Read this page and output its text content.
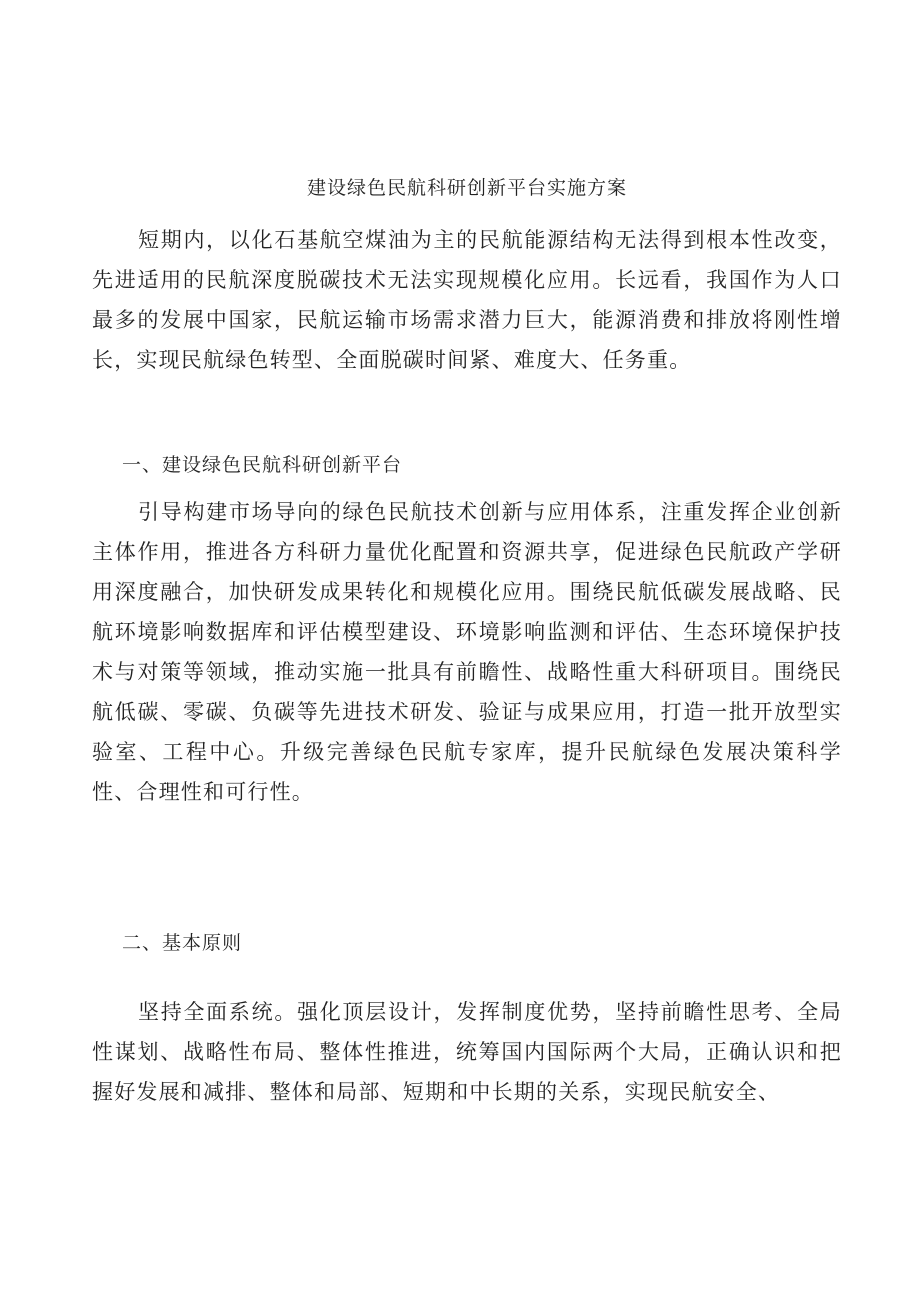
建设绿色民航科研创新平台实施方案

短期内，以化石基航空煤油为主的民航能源结构无法得到根本性改变，先进适用的民航深度脱碳技术无法实现规模化应用。长远看，我国作为人口最多的发展中国家，民航运输市场需求潜力巨大，能源消费和排放将刚性增长，实现民航绿色转型、全面脱碳时间紧、难度大、任务重。

一、建设绿色民航科研创新平台

引导构建市场导向的绿色民航技术创新与应用体系，注重发挥企业创新主体作用，推进各方科研力量优化配置和资源共享，促进绿色民航政产学研用深度融合，加快研发成果转化和规模化应用。围绕民航低碳发展战略、民航环境影响数据库和评估模型建设、环境影响监测和评估、生态环境保护技术与对策等领域，推动实施一批具有前瞻性、战略性重大科研项目。围绕民航低碳、零碳、负碳等先进技术研发、验证与成果应用，打造一批开放型实验室、工程中心。升级完善绿色民航专家库，提升民航绿色发展决策科学性、合理性和可行性。

二、基本原则

坚持全面系统。强化顶层设计，发挥制度优势，坚持前瞻性思考、全局性谋划、战略性布局、整体性推进，统筹国内国际两个大局，正确认识和把握好发展和减排、整体和局部、短期和中长期的关系，实现民航安全、
